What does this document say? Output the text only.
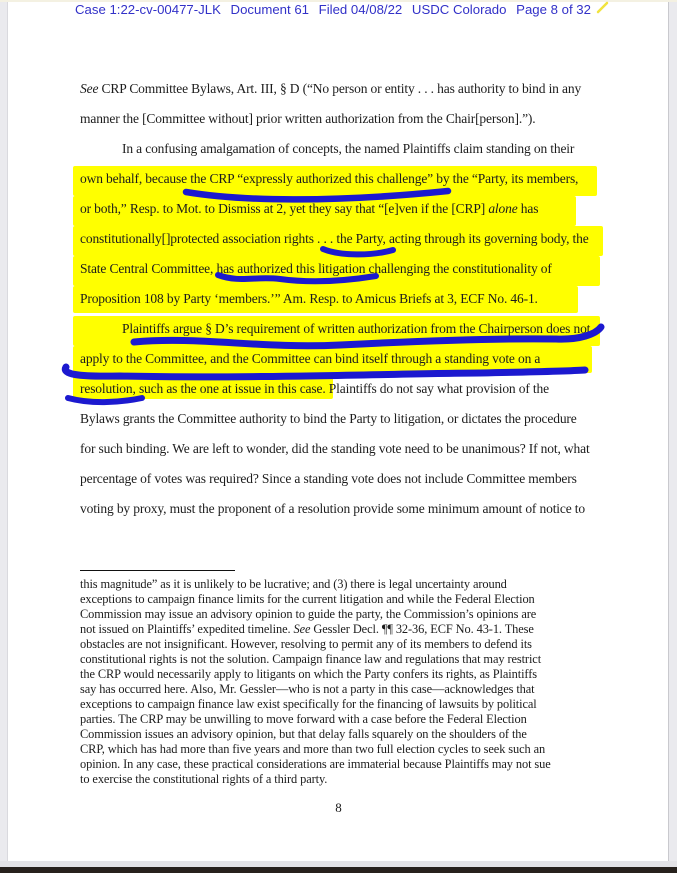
Case 1:22-cv-00477-JLK Document 61 Filed 04/08/22 USDC Colorado Page 8 of 32
See CRP Committee Bylaws, Art. III, § D (“No person or entity . . . has authority to bind in any
manner the [Committee without] prior written authorization from the Chair[person].”).
In a confusing amalgamation of concepts, the named Plaintiffs claim standing on their
own behalf, because the CRP “expressly authorized this challenge” by the “Party, its members,
or both,” Resp. to Mot. to Dismiss at 2, yet they say that “[e]ven if the [CRP] alone has
constitutionally[]protected association rights . . . the Party, acting through its governing body, the
State Central Committee, has authorized this litigation challenging the constitutionality of
Proposition 108 by Party ‘members.’” Am. Resp. to Amicus Briefs at 3, ECF No. 46-1.
Plaintiffs argue § D’s requirement of written authorization from the Chairperson does not
apply to the Committee, and the Committee can bind itself through a standing vote on a
resolution, such as the one at issue in this case. Plaintiffs do not say what provision of the
Bylaws grants the Committee authority to bind the Party to litigation, or dictates the procedure
for such binding. We are left to wonder, did the standing vote need to be unanimous? If not, what
percentage of votes was required? Since a standing vote does not include Committee members
voting by proxy, must the proponent of a resolution provide some minimum amount of notice to
this magnitude” as it is unlikely to be lucrative; and (3) there is legal uncertainty around
exceptions to campaign finance limits for the current litigation and while the Federal Election
Commission may issue an advisory opinion to guide the party, the Commission’s opinions are
not issued on Plaintiffs’ expedited timeline. See Gessler Decl. ¶¶ 32-36, ECF No. 43-1. These
obstacles are not insignificant. However, resolving to permit any of its members to defend its
constitutional rights is not the solution. Campaign finance law and regulations that may restrict
the CRP would necessarily apply to litigants on which the Party confers its rights, as Plaintiffs
say has occurred here. Also, Mr. Gessler—who is not a party in this case—acknowledges that
exceptions to campaign finance law exist specifically for the financing of lawsuits by political
parties. The CRP may be unwilling to move forward with a case before the Federal Election
Commission issues an advisory opinion, but that delay falls squarely on the shoulders of the
CRP, which has had more than five years and more than two full election cycles to seek such an
opinion. In any case, these practical considerations are immaterial because Plaintiffs may not sue
to exercise the constitutional rights of a third party.
8
